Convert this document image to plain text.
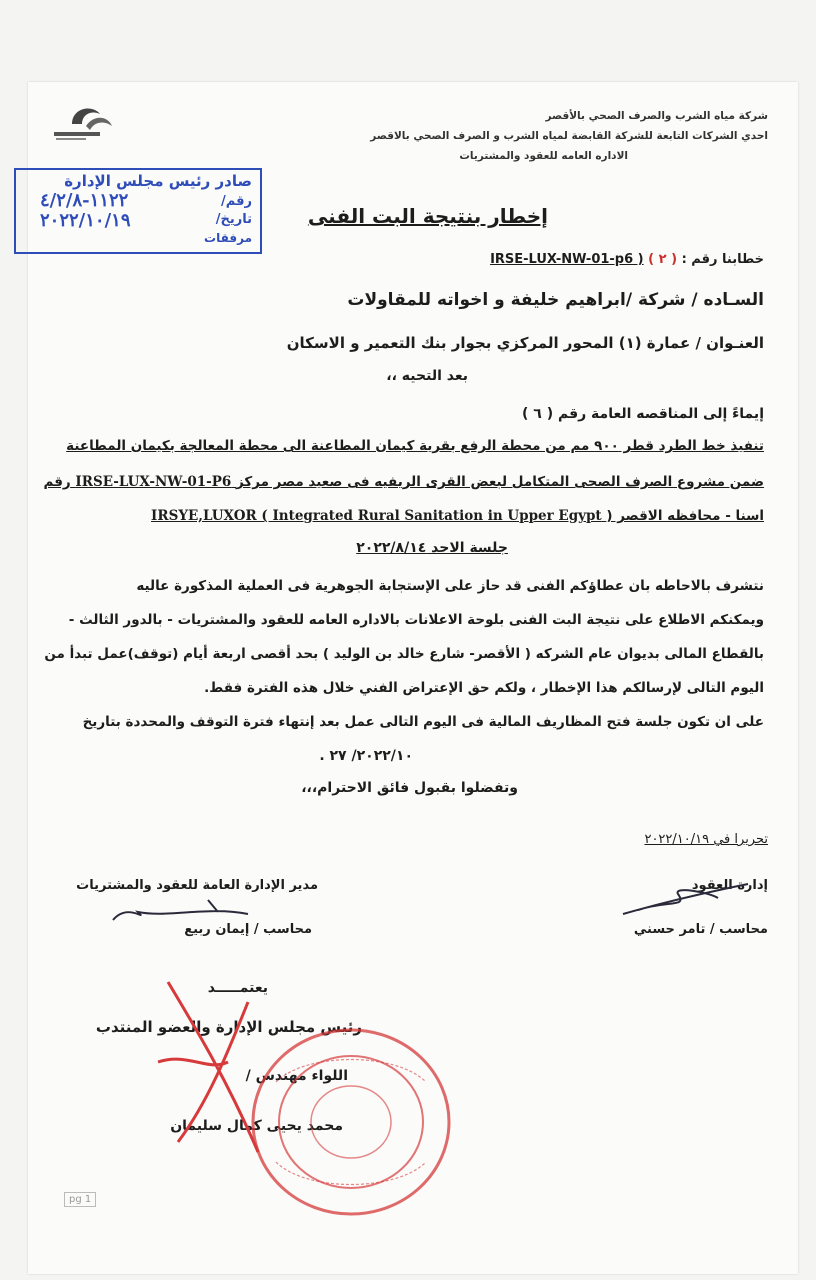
شركة مياه الشرب والصرف الصحي بالأقصر
احدي الشركات التابعة للشركة القابضة لمياه الشرب و الصرف الصحي بالاقصر
الاداره العامه للعقود والمشتريات
صادر رئيس مجلس الإدارة
رقم/
١١٢٢-٤/٢/٨
تاريخ/
٢٠٢٢/١٠/١٩
مرفقات
إخطار بنتيجة البت الفنى
خطابنا رقم : ( ٢ ) IRSE-LUX-NW-01-p6 )
السـاده / شركة /ابراهيم خليفة و اخواته للمقاولات
العنـوان / عمارة (١) المحور المركزي بجوار بنك التعمير و الاسكان
بعد التحيه ،،
إيماءً إلى المناقصه العامة رقم ( ٦ )
تنفيذ خط الطرد قطر ٩٠٠ مم من محطة الرفع بقرية كيمان المطاعنة الى محطة المعالجة بكيمان المطاعنة
ضمن مشروع الصرف الصحى المتكامل لبعض القرى الريفيه فى صعيد مصر مركز IRSE-LUX-NW-01-P6 رقم
اسنا - محافظه الاقصر ( IRSYE,LUXOR ( Integrated Rural Sanitation in Upper Egypt
جلسة الاحد ٢٠٢٢/٨/١٤
نتشرف بالاحاطه بان عطاؤكم الفنى قد حاز على الإستجابة الجوهرية فى العملية المذكورة عاليه
ويمكنكم الاطلاع على نتيجة البت الفنى بلوحة الاعلانات بالاداره العامه للعقود والمشتريات - بالدور الثالث -
بالقطاع المالى بديوان عام الشركه ( الأقصر- شارع خالد بن الوليد ) بحد أقصى اربعة أيام (توقف)عمل تبدأ من
اليوم التالى لإرسالكم هذا الإخطار ، ولكم حق الإعتراض الفني خلال هذه الفترة فقط.
على ان تكون جلسة فتح المظاريف المالية فى اليوم التالى عمل بعد إنتهاء فترة التوقف والمحددة بتاريخ
٢٠٢٢/١٠/ ٢٧ .
وتفضلوا بقبول فائق الاحترام،،،
تحريرا في ٢٠٢٢/١٠/١٩
إدارة العقود
محاسب / تامر حسني
مدير الإدارة العامة للعقود والمشتريات
محاسب / إيمان ربيع
يعتمـــــد
رئيس مجلس الإدارة والعضو المنتدب
اللواء مهندس /
محمد يحيى كمال سليمان
pg 1
